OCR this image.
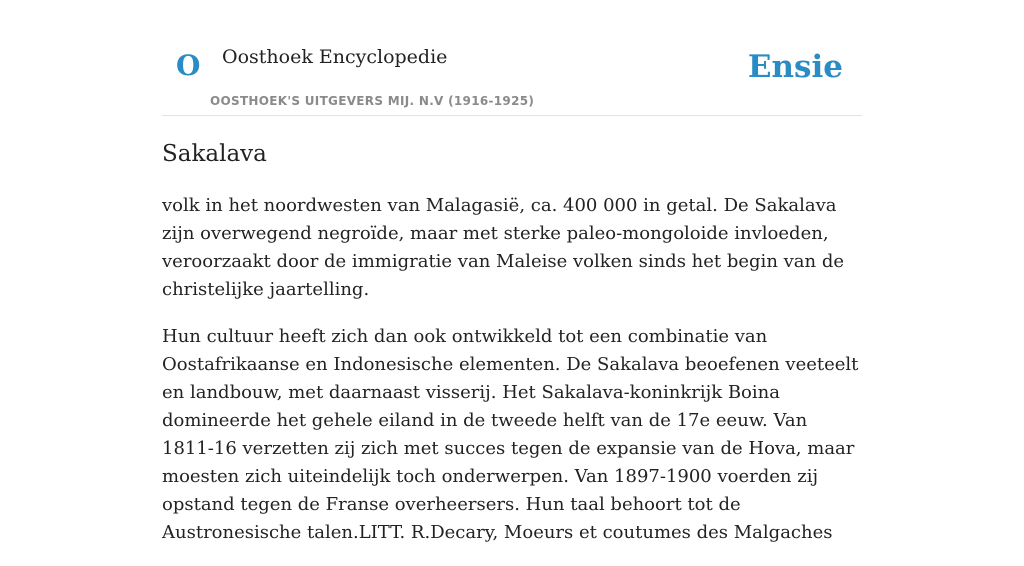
O Oosthoek Encyclopedie
OOSTHOEK'S UITGEVERS MIJ. N.V (1916-1925)
Ensie
Sakalava

volk in het noordwesten van Malagasië, ca. 400 000 in getal. De Sakalava zijn overwegend negroïde, maar met sterke paleo-mongoloide invloeden, veroorzaakt door de immigratie van Maleise volken sinds het begin van de christelijke jaartelling.

Hun cultuur heeft zich dan ook ontwikkeld tot een combinatie van Oostafrikaanse en Indonesische elementen. De Sakalava beoefenen veeteelt en landbouw, met daarnaast visserij. Het Sakalava-koninkrijk Boina domineerde het gehele eiland in de tweede helft van de 17e eeuw. Van 1811-16 verzetten zij zich met succes tegen de expansie van de Hova, maar moesten zich uiteindelijk toch onderwerpen. Van 1897-1900 voerden zij opstand tegen de Franse overheersers. Hun taal behoort tot de Austronesische talen.LITT. R.Decary, Moeurs et coutumes des Malgaches
